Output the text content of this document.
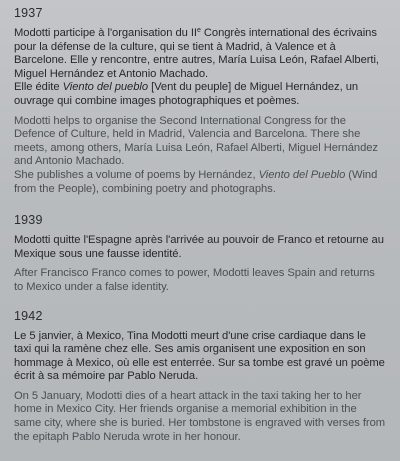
1937

Modotti participe à l'organisation du IIe Congrès international des écrivains pour la défense de la culture, qui se tient à Madrid, à Valence et à Barcelone. Elle y rencontre, entre autres, María Luisa León, Rafael Alberti, Miguel Hernández et Antonio Machado.
Elle édite Viento del pueblo [Vent du peuple] de Miguel Hernández, un ouvrage qui combine images photographiques et poèmes.

Modotti helps to organise the Second International Congress for the Defence of Culture, held in Madrid, Valencia and Barcelona. There she meets, among others, María Luisa León, Rafael Alberti, Miguel Hernández and Antonio Machado.
She publishes a volume of poems by Hernández, Viento del Pueblo (Wind from the People), combining poetry and photographs.

1939

Modotti quitte l'Espagne après l'arrivée au pouvoir de Franco et retourne au Mexique sous une fausse identité.

After Francisco Franco comes to power, Modotti leaves Spain and returns to Mexico under a false identity.

1942

Le 5 janvier, à Mexico, Tina Modotti meurt d'une crise cardiaque dans le taxi qui la ramène chez elle. Ses amis organisent une exposition en son hommage à Mexico, où elle est enterrée. Sur sa tombe est gravé un poème écrit à sa mémoire par Pablo Neruda.

On 5 January, Modotti dies of a heart attack in the taxi taking her to her home in Mexico City. Her friends organise a memorial exhibition in the same city, where she is buried. Her tombstone is engraved with verses from the epitaph Pablo Neruda wrote in her honour.
